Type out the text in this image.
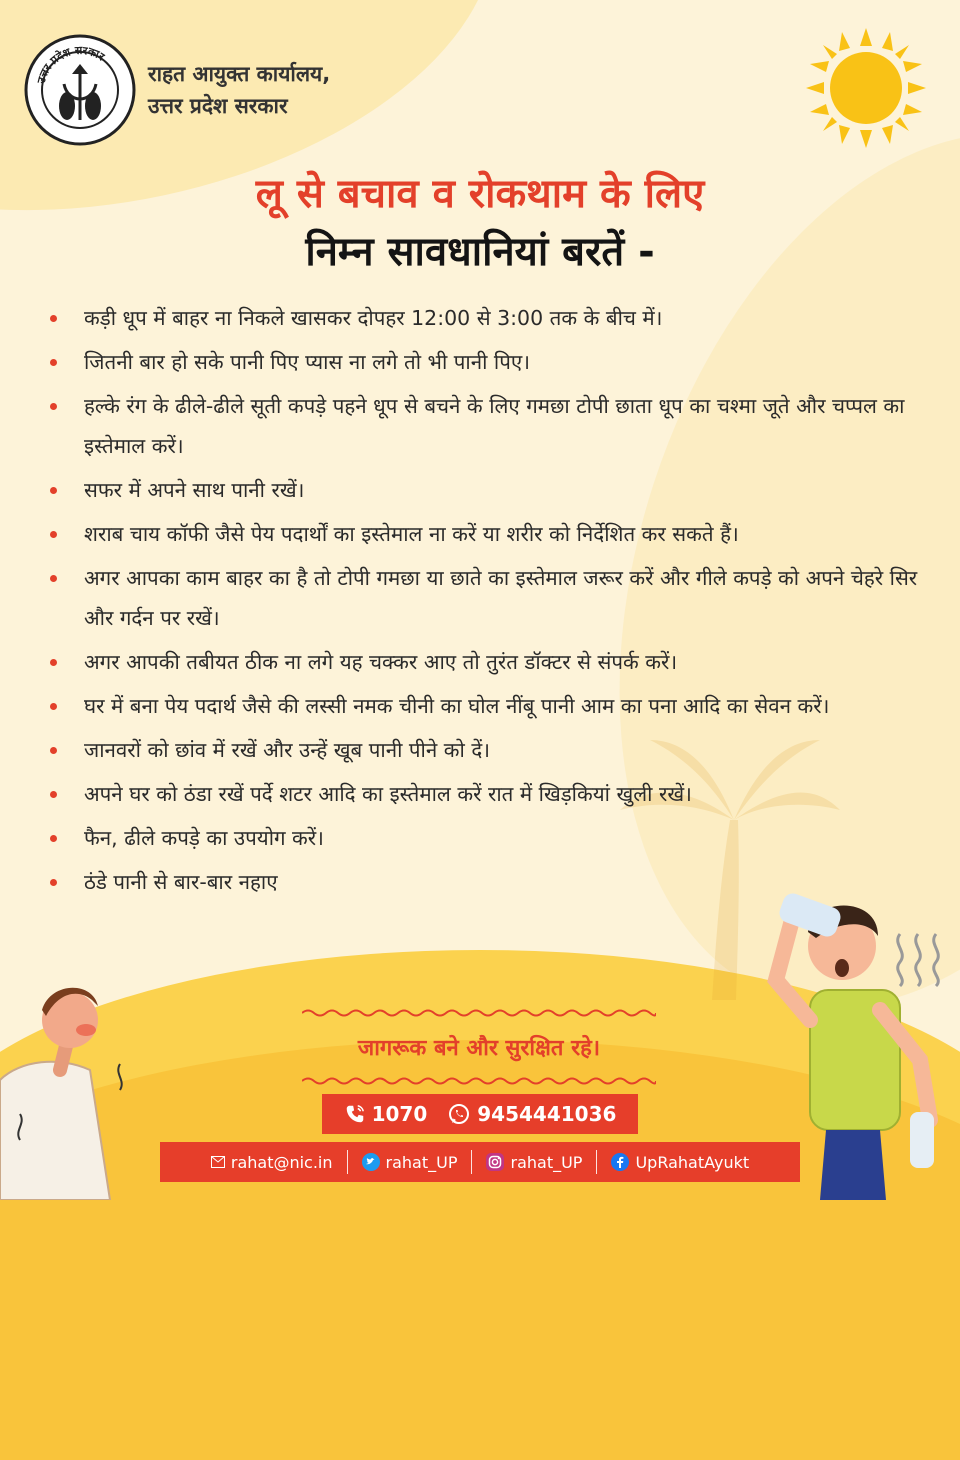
उत्तर प्रदेश सरकार
राहत आयुक्त कार्यालय,
उत्तर प्रदेश सरकार
लू से बचाव व रोकथाम के लिए
निम्न सावधानियां बरतें -
कड़ी धूप में बाहर ना निकले खासकर दोपहर 12:00 से 3:00 तक के बीच में।
जितनी बार हो सके पानी पिए प्यास ना लगे तो भी पानी पिए।
हल्के रंग के ढीले-ढीले सूती कपड़े पहने धूप से बचने के लिए गमछा टोपी छाता धूप का चश्मा जूते और चप्पल का इस्तेमाल करें।
सफर में अपने साथ पानी रखें।
शराब चाय कॉफी जैसे पेय पदार्थों का इस्तेमाल ना करें या शरीर को निर्देशित कर सकते हैं।
अगर आपका काम बाहर का है तो टोपी गमछा या छाते का इस्तेमाल जरूर करें और गीले कपड़े को अपने चेहरे सिर और गर्दन पर रखें।
अगर आपकी तबीयत ठीक ना लगे यह चक्कर आए तो तुरंत डॉक्टर से संपर्क करें।
घर में बना पेय पदार्थ जैसे की लस्सी नमक चीनी का घोल नींबू पानी आम का पना आदि का सेवन करें।
जानवरों को छांव में रखें और उन्हें खूब पानी पीने को दें।
अपने घर को ठंडा रखें पर्दे शटर आदि का इस्तेमाल करें रात में खिड़कियां खुली रखें।
फैन, ढीले कपड़े का उपयोग करें।
ठंडे पानी से बार-बार नहाए
जागरूक बने और सुरक्षित रहे।
1070	9454441036
rahat@nic.in	rahat_UP	rahat_UP	UpRahatAyukt
